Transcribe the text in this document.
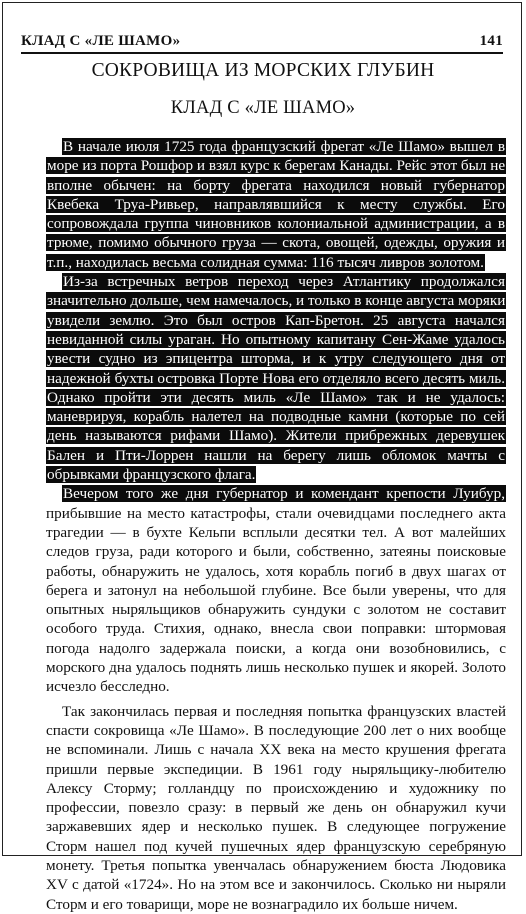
КЛАД С «ЛЕ ШАМО»	141
СОКРОВИЩА ИЗ МОРСКИХ ГЛУБИН
КЛАД С «ЛЕ ШАМО»

В начале июля 1725 года французский фрегат «Ле Шамо» вышел в море из порта Рошфор и взял курс к берегам Канады. Рейс этот был не вполне обычен: на борту фрегата находился новый губернатор Квебека Труа-Ривьер, направлявшийся к месту службы. Его сопровождала группа чиновников колониальной администрации, а в трюме, помимо обычного груза — скота, овощей, одежды, оружия и т.п., находилась весьма солидная сумма: 116 тысяч ливров золотом.

Из-за встречных ветров переход через Атлантику продолжался значительно дольше, чем намечалось, и только в конце августа моряки увидели землю. Это был остров Кап-Бретон. 25 августа начался невиданной силы ураган. Но опытному капитану Сен-Жаме удалось увести судно из эпицентра шторма, и к утру следующего дня от надежной бухты островка Порте Нова его отделяло всего десять миль. Однако пройти эти десять миль «Ле Шамо» так и не удалось: маневрируя, корабль налетел на подводные камни (которые по сей день называются рифами Шамо). Жители прибрежных деревушек Бален и Пти-Лоррен нашли на берегу лишь обломок мачты с обрывками французского флага.

Вечером того же дня губернатор и комендант крепости Луибур, прибывшие на место катастрофы, стали очевидцами последнего акта трагедии — в бухте Кельпи всплыли десятки тел. А вот малейших следов груза, ради которого и были, собственно, затеяны поисковые работы, обнаружить не удалось, хотя корабль погиб в двух шагах от берега и затонул на небольшой глубине. Все были уверены, что для опытных ныряльщиков обнаружить сундуки с золотом не составит особого труда. Стихия, однако, внесла свои поправки: штормовая погода надолго задержала поиски, а когда они возобновились, с морского дна удалось поднять лишь несколько пушек и якорей. Золото исчезло бесследно.

Так закончилась первая и последняя попытка французских властей спасти сокровища «Ле Шамо». В последующие 200 лет о них вообще не вспоминали. Лишь с начала XX века на место крушения фрегата пришли первые экспедиции. В 1961 году ныряльщику-любителю Алексу Стормy; голландцу по происхождению и художнику по профессии, повезло сразу: в первый же день он обнаружил кучи заржавевших ядер и несколько пушек. В следующее погружение Сторм нашел под кучей пушечных ядер французскую серебряную монету. Третья попытка увенчалась обнаружением бюста Людовика XV с датой «1724». Но на этом все и закончилось. Сколько ни ныряли Сторм и его товарищи, море не вознаградило их больше ничем.
